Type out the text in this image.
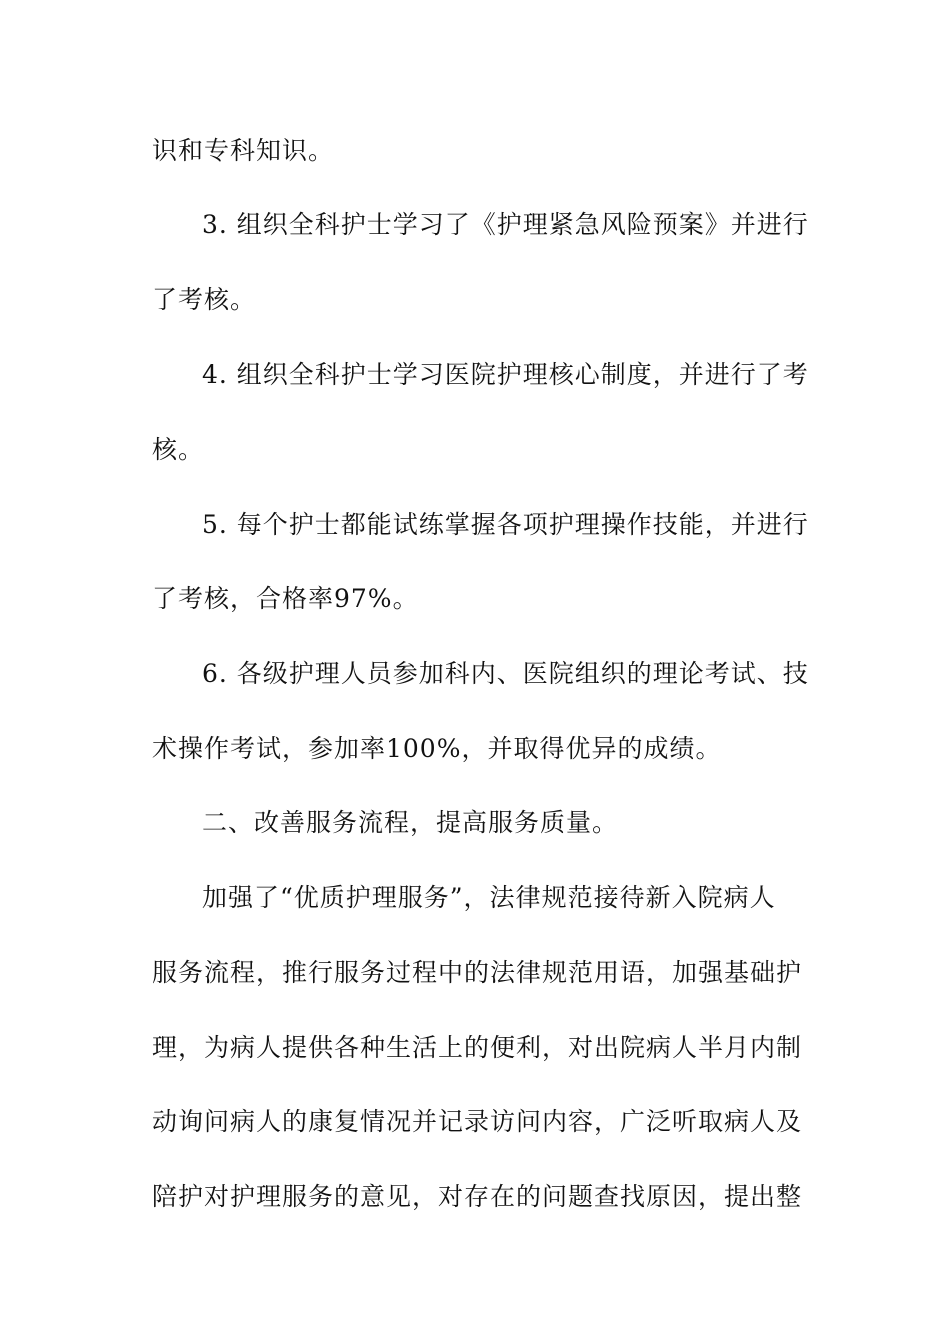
识和专科知识。
3. 组织全科护士学习了《护理紧急风险预案》并进行
了考核。
4. 组织全科护士学习医院护理核心制度，并进行了考
核。
5. 每个护士都能试练掌握各项护理操作技能，并进行
了考核，合格率97%。
6. 各级护理人员参加科内、医院组织的理论考试、技
术操作考试，参加率100%，并取得优异的成绩。
二、改善服务流程，提高服务质量。
加强了“优质护理服务”，法律规范接待新入院病人
服务流程，推行服务过程中的法律规范用语，加强基础护
理，为病人提供各种生活上的便利，对出院病人半月内制
动询问病人的康复情况并记录访问内容，广泛听取病人及
陪护对护理服务的意见，对存在的问题查找原因，提出整
